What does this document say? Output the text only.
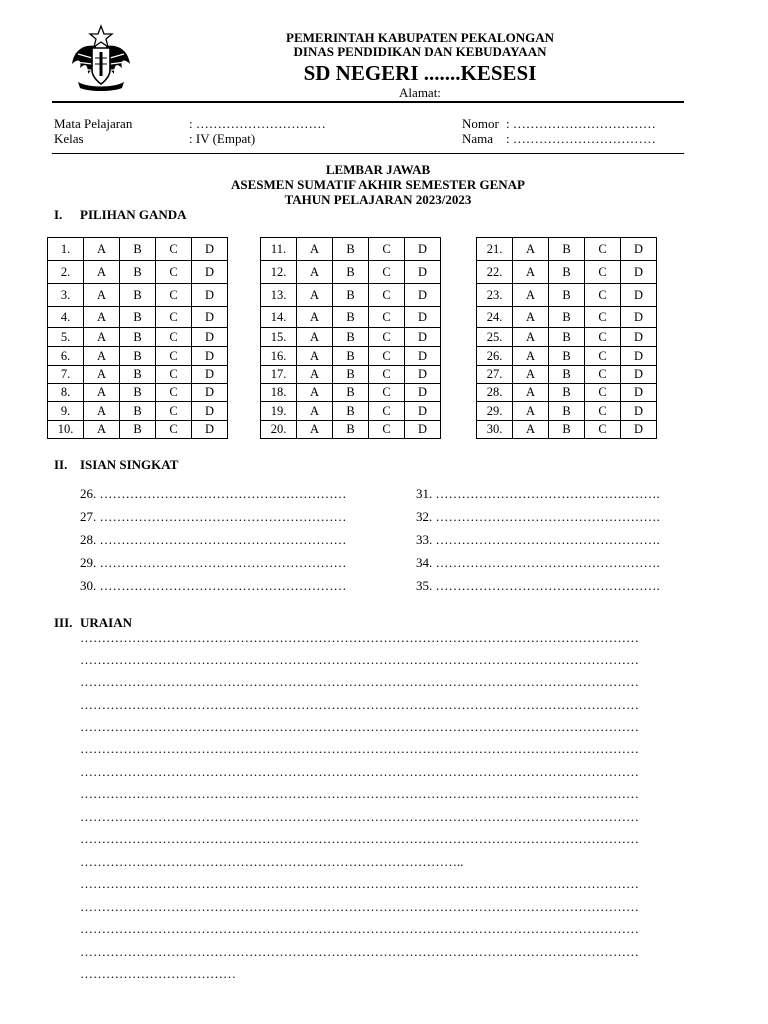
PEMERINTAH KABUPATEN PEKALONGAN
DINAS PENDIDIKAN DAN KEBUDAYAAN
SD NEGERI .......KESESI
Alamat:
Mata Pelajaran	: …………………………
Kelas	: IV (Empat)
Nomor : ……………………………
Nama : ……………………………
LEMBAR JAWAB
ASESMEN SUMATIF AKHIR SEMESTER GENAP
TAHUN PELAJARAN 2023/2023
I. PILIHAN GANDA
1.	A	B	C	D
2.	A	B	C	D
3.	A	B	C	D
4.	A	B	C	D
5.	A	B	C	D
6.	A	B	C	D
7.	A	B	C	D
8.	A	B	C	D
9.	A	B	C	D
10.	A	B	C	D
11.	A	B	C	D
12.	A	B	C	D
13.	A	B	C	D
14.	A	B	C	D
15.	A	B	C	D
16.	A	B	C	D
17.	A	B	C	D
18.	A	B	C	D
19.	A	B	C	D
20.	A	B	C	D
21.	A	B	C	D
22.	A	B	C	D
23.	A	B	C	D
24.	A	B	C	D
25.	A	B	C	D
26.	A	B	C	D
27.	A	B	C	D
28.	A	B	C	D
29.	A	B	C	D
30.	A	B	C	D
II. ISIAN SINGKAT
26. …………………………………………………
27. …………………………………………………
28. …………………………………………………
29. …………………………………………………
30. …………………………………………………
31. …………………………………………….
32. …………………………………………….
33. …………………………………………….
34. …………………………………………….
35. …………………………………………….
III. URAIAN
…………………………………………………………………………………………………………………
…………………………………………………………………………………………………………………
…………………………………………………………………………………………………………………
…………………………………………………………………………………………………………………
…………………………………………………………………………………………………………………
…………………………………………………………………………………………………………………
…………………………………………………………………………………………………………………
…………………………………………………………………………………………………………………
…………………………………………………………………………………………………………………
…………………………………………………………………………………………………………………
……………………………………………………………………………..
…………………………………………………………………………………………………………………
…………………………………………………………………………………………………………………
…………………………………………………………………………………………………………………
…………………………………………………………………………………………………………………
………………………………
